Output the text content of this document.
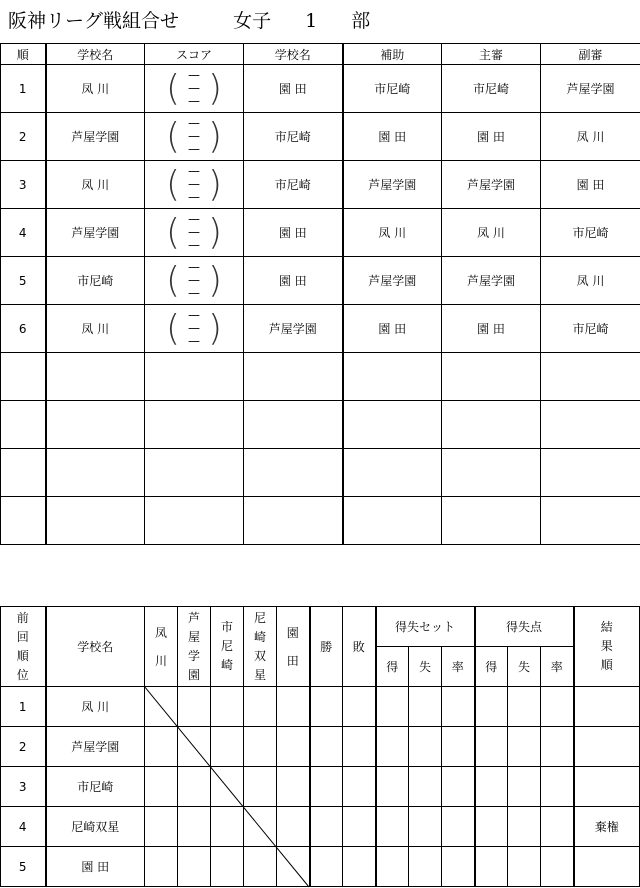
阪神リーグ戦組合せ	女子 1 部
順	学校名	スコア	学校名	補助	主審	副審
1	凤 川	( —
—
— )	園 田	市尼崎	市尼崎	芦屋学園
2	芦屋学園	( —
—
— )	市尼崎	園 田	園 田	凤 川
3	凤 川	( —
—
— )	市尼崎	芦屋学園	芦屋学園	園 田
4	芦屋学園	( —
—
— )	園 田	凤 川	凤 川	市尼崎
5	市尼崎	( —
—
— )	園 田	芦屋学園	芦屋学園	凤 川
6	凤 川	( —
—
— )	芦屋学園	園 田	園 田	市尼崎

前回順位	学校名	凤川	芦屋学園	市尼崎	尼崎双星	園田	勝	敗	得失セット			得失点			結果順

									得	失	率	得	失	率	
1	凤 川														
2	芦屋学園														
3	市尼崎														
4	尼崎双星														棄権
5	園 田														
